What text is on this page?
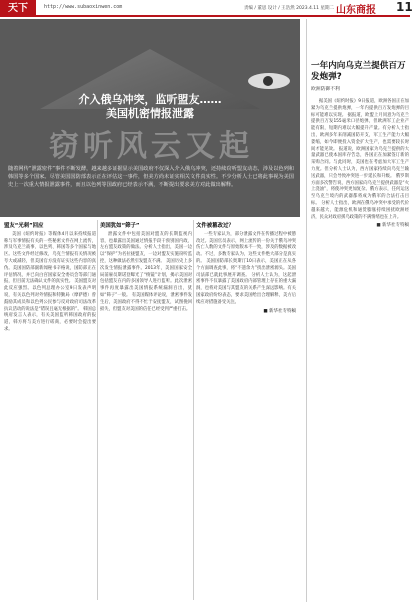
天下	http://www.subaoxinwen.com	责编 / 董思 设计 / 王浩然 2023.4.11 星期二 山东商报 11
介入俄乌冲突，监听盟友……
美国机密情报泄露
窃听风云又起
随着网传“泄露密件”事件不断发酵，越来越多证据显示美国政府不仅深入介入俄乌冲突，还持续窃听盟友动态，涉及以色列和韩国等多个国家。尽管美国国防部表示正在评估这一事件，但美方尚未证实相关文件真实性。不少分析人士已将此事视为美国史上一次重大情报泄露事件，而且以色列等国政府已经表示不满，不断提出要求美方对此做出解释。
盟友“光刺”回应

美国《纽约时报》等媒体4月以来持续报道称与军事情报有关的一些秘密文件在网上流传，涉及乌克兰战事、以色列、韩国等多个国家与地区。这些文件经过修改，乌克兰情报有关情况被夸大或减轻，但美国官方没有证实这些内容的真伪。美国国防部副新闻秘书辛格说，国防部正在评估情况，并已向白宫国家安全委员会等部门通报，但目前无法确认文件的真实性。 美国盟友对此反应强烈。以色列总理办公室9日发表声明说，有关以色列对外情报和特勤局（摩萨德）曾鼓励其成员和以色列公民参与反对政府司法改革抗议活动的说法是“错误且毫无根据的”。 韩国总统府发言人表示，有关美国监听韩国政府的报道，韩方将与美方进行磋商，必要时会提出要求。

美国犹如“筛子”

泄露文件中包括美国对盟友的长期监视内容，也暴露出美国通过情报手段干预别国内政、左右盟友政策的做法。分析人士指出，美国一边以“保护”为名拉拢盟友，一边对盟友实施窃听监控，这种做法必然引发盟友不满。 美国历史上多次发生情报泄露事件。2013年，美国国家安全局前雇员斯诺登曝光了“棱镜”计划，揭示美国对包括盟友在内的多国领导人进行监听。此次泄密事件再度暴露出美国情报系统漏洞百出，犹如“筛子”一般。 有美国媒体评论说，泄密事件发生后，美国政府不得不忙于安抚盟友，试图挽回损失，但盟友对美国的信任已经受到严重打击。

文件被篡改过？

一些专家认为，部分泄露文件在传播过程中被篡改过。美国官员表示，网上流传的一份关于俄乌冲突伤亡人数的文件与原始版本不一致，涉及的数据被改动。不过，多数专家认为，这些文件绝大部分是真实的。 美国国防部长奥斯汀10日表示，美国正在从各个方面调查此事，将“不遗余力”找出泄密源头。美国司法部已就此事展开调查。 分析人士认为，这起泄密事件不仅暴露了美国政府内部管理上存在的重大漏洞，也将对美国与其盟友的关系产生深远影响。有关国家政府纷纷表态，要求美国给出合理解释，美方后续应对措施备受关注。

■ 新华社专特稿
一年内向乌克兰提供百万发炮弹?
欧洲防御不利

据美国《纽约时报》9日报道，欧洲各国正在加紧为乌克兰提供炮弹，一年内提供百万发炮弹的目标可能难以实现。 据报道，欧盟上月同意为乌克兰提供百万发155毫米口径炮弹，但欧洲军工企业产能有限，短期内难以大幅提升产量。有分析人士指出，欧洲多年来削减国防开支，军工生产能力大幅萎缩，如今即便投入资金扩大生产，也需要较长时间才能见效。 报道说，欧洲国家为乌克兰提供的大量武器已使本国库存告急，各国正在加紧签订新的采购合同。与此同时，美国也在考虑加大军工生产力度。但分析人士认为，西方国家持续向乌克兰输送武器，只会导致冲突进一步延长和升级。 俄罗斯方面多次警告说，西方国家向乌克兰提供武器是“火上浇油”，将使冲突更加复杂。俄方表示，任何运送至乌克兰境内的武器都将成为俄军的合法打击目标。 分析人士指出，欧洲在俄乌冲突中承受的代价越来越大，能源危机和通货膨胀持续困扰欧洲经济，民众对政府援乌政策的不满情绪也在上升。

■ 新华社专特稿
